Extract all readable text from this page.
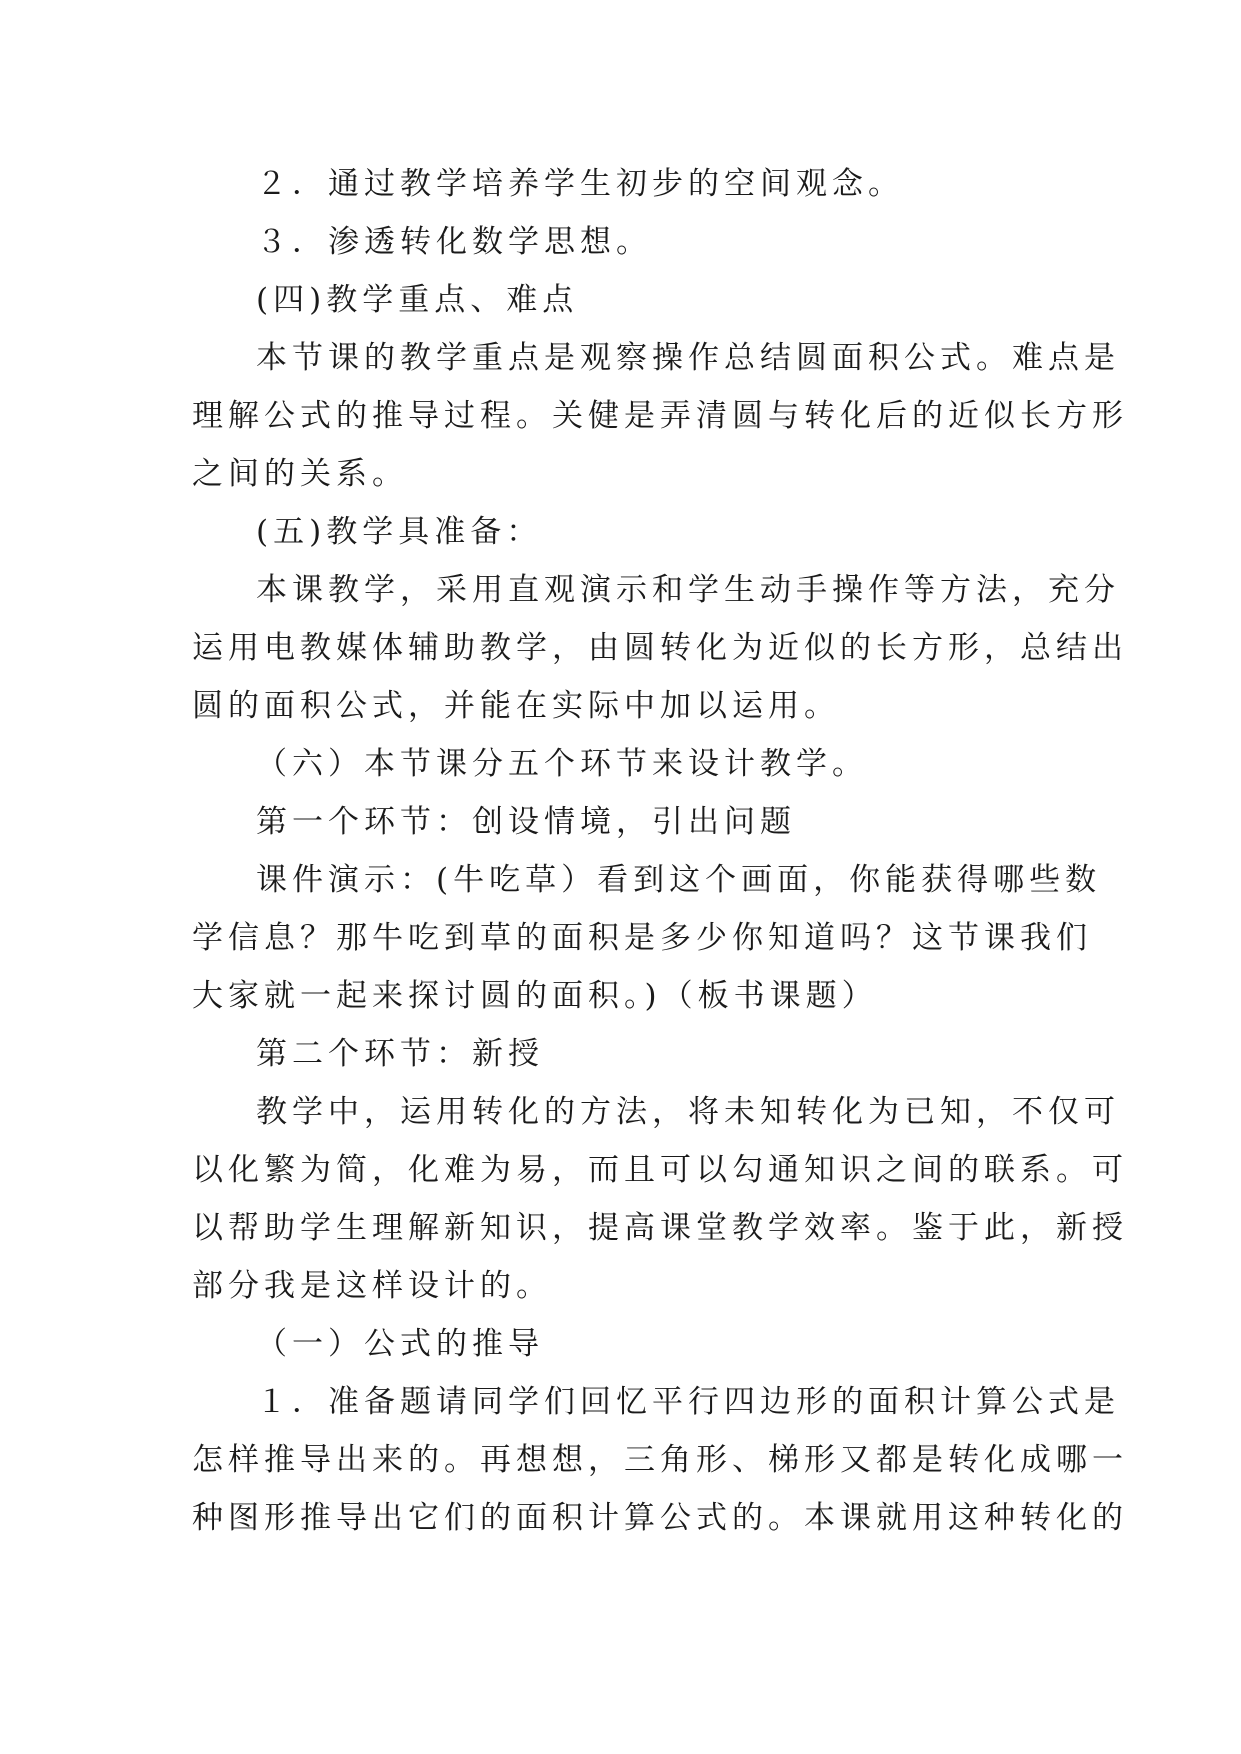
２．通过教学培养学生初步的空间观念。
３．渗透转化数学思想。
(四)教学重点、难点
本节课的教学重点是观察操作总结圆面积公式。难点是
理解公式的推导过程。关健是弄清圆与转化后的近似长方形
之间的关系。
(五)教学具准备：
本课教学，采用直观演示和学生动手操作等方法，充分
运用电教媒体辅助教学，由圆转化为近似的长方形，总结出
圆的面积公式，并能在实际中加以运用。
（六）本节课分五个环节来设计教学。
第一个环节：创设情境，引出问题
课件演示：(牛吃草）看到这个画面，你能获得哪些数
学信息？那牛吃到草的面积是多少你知道吗？这节课我们
大家就一起来探讨圆的面积。)（板书课题）
第二个环节：新授
教学中，运用转化的方法，将未知转化为已知，不仅可
以化繁为简，化难为易，而且可以勾通知识之间的联系。可
以帮助学生理解新知识，提高课堂教学效率。鉴于此，新授
部分我是这样设计的。
（一）公式的推导
１．准备题请同学们回忆平行四边形的面积计算公式是
怎样推导出来的。再想想，三角形、梯形又都是转化成哪一
种图形推导出它们的面积计算公式的。本课就用这种转化的
